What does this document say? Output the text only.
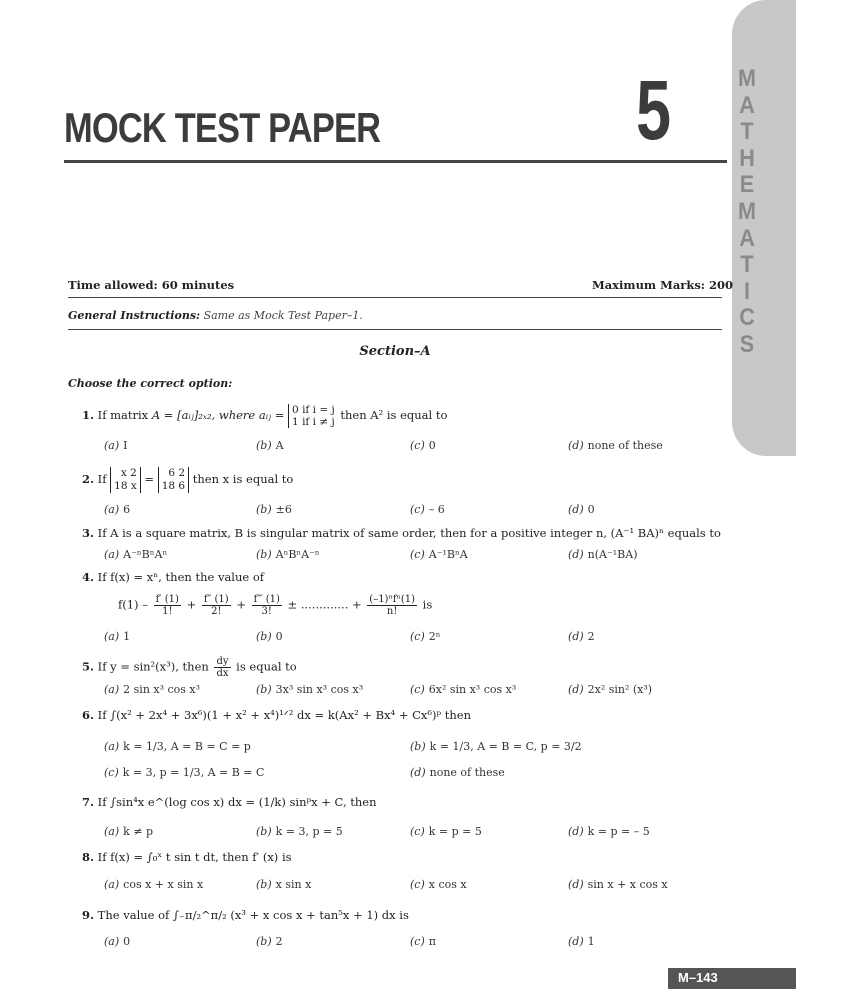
M
A
T
H
E
M
A
T
I
C
S
MOCK TEST PAPER	5
Time allowed: 60 minutes	Maximum Marks: 200
General Instructions: Same as Mock Test Paper–1.
Section–A
Choose the correct option:
1. If matrix A = [aᵢⱼ]₂ₓ₂, where aᵢⱼ = 0 if i = j
1 if i ≠ j then A² is equal to
2. If	x 2
18 x =	6 2
18 6 then x is equal to
3. If A is a square matrix, B is singular matrix of same order, then for a positive integer n, (A⁻¹ BA)ⁿ equals to
4. If f(x) = xⁿ, then the value of
$f(1) - \frac{f' (1)}{1!} + \frac{f'' (1)}{2!} + \frac{f‴ (1)}{3!}$ ± ............. + $\frac{\text{(–1)ⁿfⁿ(1)}}{n!}$ is
5. If y = sin²(x³), then $\frac{dy}{dx}$ is equal to
6. If ∫(x² + 2x⁴ + 3x⁶)(1 + x² + x⁴)¹ᐟ² dx = k(Ax² + Bx⁴ + Cx⁶)ᵖ then
7. If ∫sin⁴x e^(log cos x) dx = (1/k) sinᵖx + C, then
8. If f(x) = ∫₀ˣ t sin t dt, then f′ (x) is
9. The value of ∫₋π/₂^π/₂ (x³ + x cos x + tan⁵x + 1) dx is
M–143
(a) I	(b) A	(c) 0	(d) none of these
(a) 6	(b) ±6	(c) – 6	(d) 0
(a) A⁻ⁿBⁿAⁿ	(b) AⁿBⁿA⁻ⁿ	(c) A⁻¹BⁿA	(d) n(A⁻¹BA)
(a) 1	(b) 0	(c) 2ⁿ	(d) 2
(a) 2 sin x³ cos x³	(b) 3x³ sin x³ cos x³	(c) 6x² sin x³ cos x³	(d) 2x² sin² (x³)
(a) k = 1/3, A = B = C = p	(b) k = 1/3, A = B = C, p = 3/2
(c) k = 3, p = 1/3, A = B = C	(d) none of these
(a) k ≠ p	(b) k = 3, p = 5	(c) k = p = 5	(d) k = p = – 5
(a) cos x + x sin x	(b) x sin x	(c) x cos x	(d) sin x + x cos x
(a) 0	(b) 2	(c) π	(d) 1
